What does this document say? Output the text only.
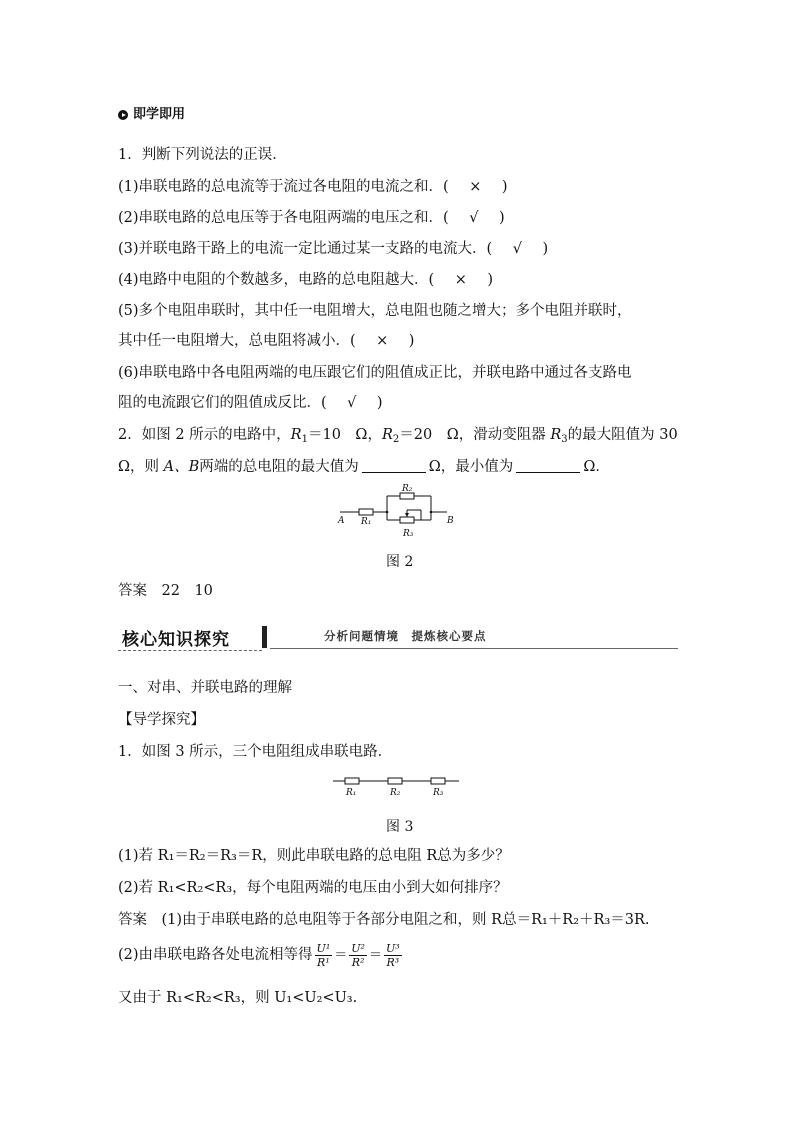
即学即用
1．判断下列说法的正误．
(1)串联电路的总电流等于流过各电阻的电流之和．(　×　)
(2)串联电路的总电压等于各电阻两端的电压之和．(　√　)
(3)并联电路干路上的电流一定比通过某一支路的电流大．(　√　)
(4)电路中电阻的个数越多，电路的总电阻越大．(　×　)
(5)多个电阻串联时，其中任一电阻增大，总电阻也随之增大；多个电阻并联时，
其中任一电阻增大，总电阻将减小．(　×　)
(6)串联电路中各电阻两端的电压跟它们的阻值成正比，并联电路中通过各支路电
阻的电流跟它们的阻值成反比．(　√　)
2．如图 2 所示的电路中，$R_1=10$　Ω，$R_2=20$　Ω，滑动变阻器 $R_3$的最大阻值为 30
Ω，则 A、B两端的总电阻的最大值为	Ω，最小值为	Ω．
A	B
R₁
R₂
R₃
图 2
答案　22　10
核心知识探究	分析问题情境　提炼核心要点
一、对串、并联电路的理解
【导学探究】
1．如图 3 所示，三个电阻组成串联电路．
R₁	R₂	R₃
图 3
(1)若 R₁＝R₂＝R₃＝R，则此串联电路的总电阻 R总为多少？
(2)若 R₁<R₂<R₃，每个电阻两端的电压由小到大如何排序？
答案　(1)由于串联电路的总电阻等于各部分电阻之和，则 R总＝R₁＋R₂＋R₃＝3R.
(2)由串联电路各处电流相等得 $\frac{\text{U¹}}{\text{R¹}} = \frac{\text{U²}}{\text{R²}} = \frac{\text{U³}}{\text{R³}}$
又由于 R₁<R₂<R₃，则 U₁<U₂<U₃.
